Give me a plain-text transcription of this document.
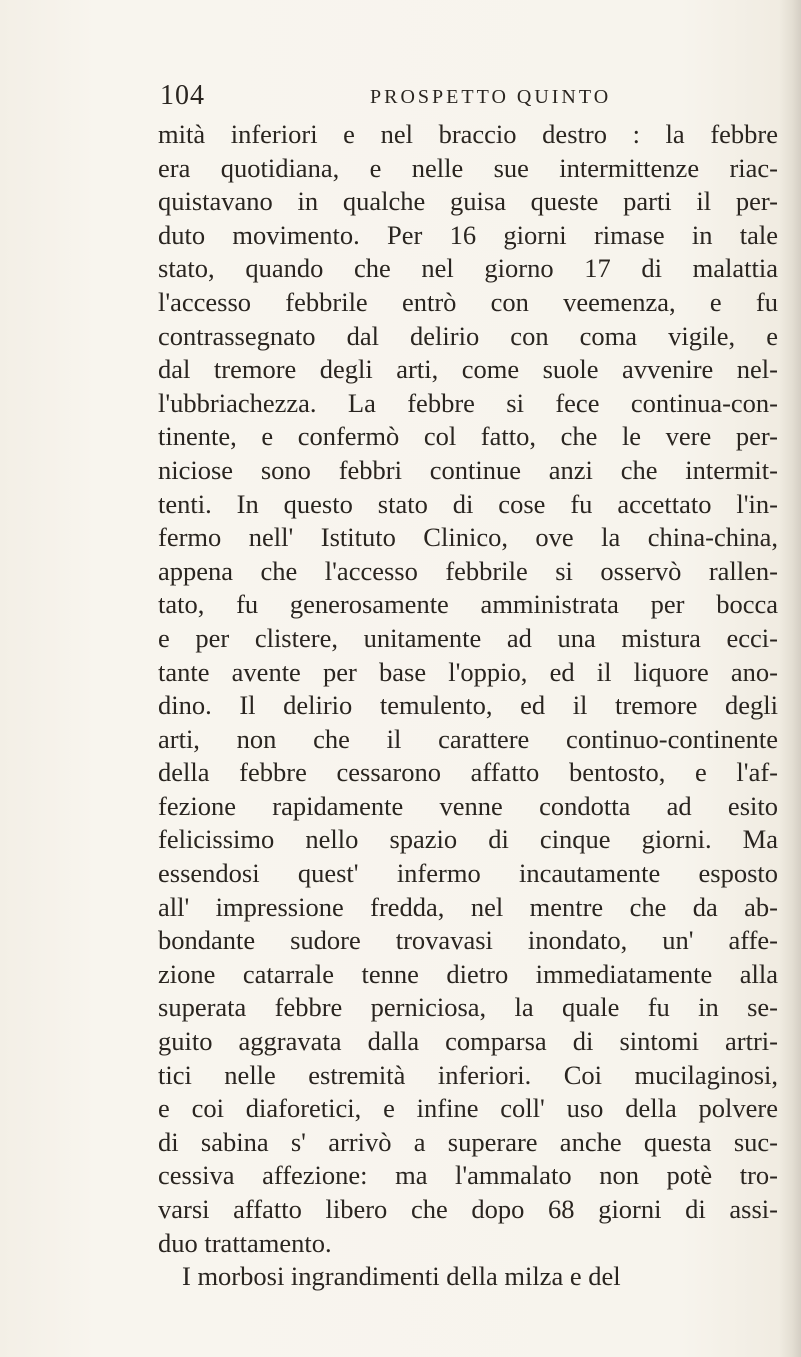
104	PROSPETTO QUINTO
mità inferiori e nel braccio destro : la febbre
era quotidiana, e nelle sue intermittenze riac-
quistavano in qualche guisa queste parti il per-
duto movimento. Per 16 giorni rimase in tale
stato, quando che nel giorno 17 di malattia
l'accesso febbrile entrò con veemenza, e fu
contrassegnato dal delirio con coma vigile, e
dal tremore degli arti, come suole avvenire nel-
l'ubbriachezza. La febbre si fece continua-con-
tinente, e confermò col fatto, che le vere per-
niciose sono febbri continue anzi che intermit-
tenti. In questo stato di cose fu accettato l'in-
fermo nell' Istituto Clinico, ove la china-china,
appena che l'accesso febbrile si osservò rallen-
tato, fu generosamente amministrata per bocca
e per clistere, unitamente ad una mistura ecci-
tante avente per base l'oppio, ed il liquore ano-
dino. Il delirio temulento, ed il tremore degli
arti, non che il carattere continuo-continente
della febbre cessarono affatto bentosto, e l'af-
fezione rapidamente venne condotta ad esito
felicissimo nello spazio di cinque giorni. Ma
essendosi quest' infermo incautamente esposto
all' impressione fredda, nel mentre che da ab-
bondante sudore trovavasi inondato, un' affe-
zione catarrale tenne dietro immediatamente alla
superata febbre perniciosa, la quale fu in se-
guito aggravata dalla comparsa di sintomi artri-
tici nelle estremità inferiori. Coi mucilaginosi,
e coi diaforetici, e infine coll' uso della polvere
di sabina s' arrivò a superare anche questa suc-
cessiva affezione: ma l'ammalato non potè tro-
varsi affatto libero che dopo 68 giorni di assi-
duo trattamento.
I morbosi ingrandimenti della milza e del
